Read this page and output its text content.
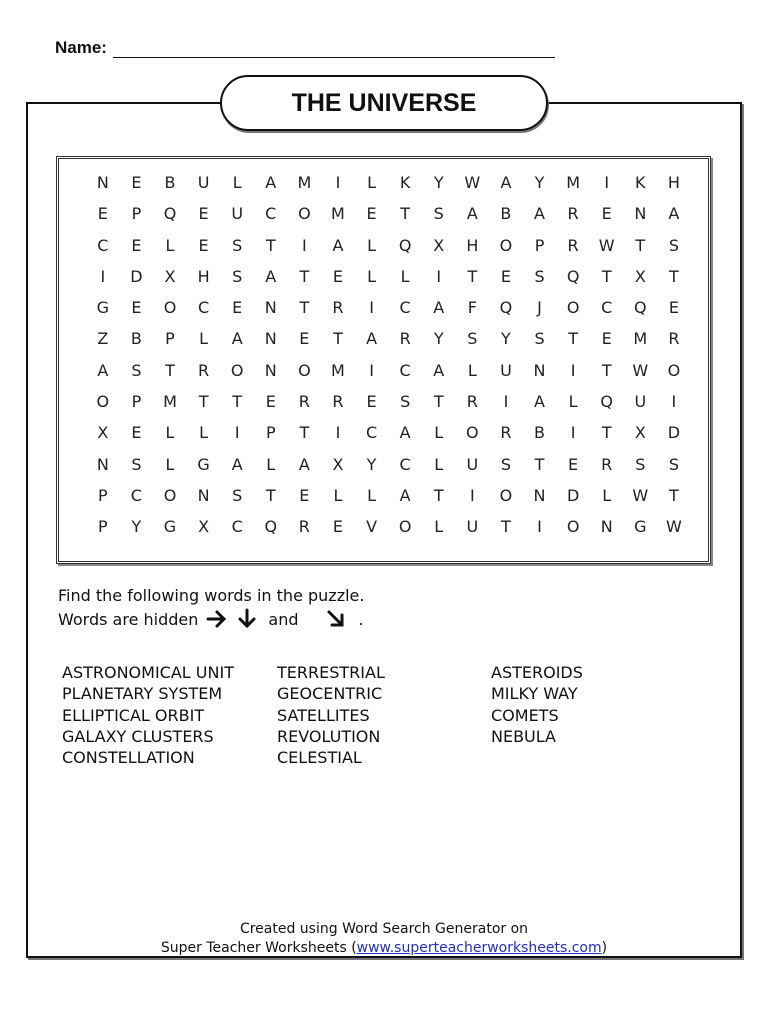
Name:
THE UNIVERSE
N	E	B	U	L	A	M	I	L	K	Y	W	A	Y	M	I	K	H
E	P	Q	E	U	C	O	M	E	T	S	A	B	A	R	E	N	A
C	E	L	E	S	T	I	A	L	Q	X	H	O	P	R	W	T	S
I	D	X	H	S	A	T	E	L	L	I	T	E	S	Q	T	X	T
G	E	O	C	E	N	T	R	I	C	A	F	Q	J	O	C	Q	E
Z	B	P	L	A	N	E	T	A	R	Y	S	Y	S	T	E	M	R
A	S	T	R	O	N	O	M	I	C	A	L	U	N	I	T	W	O
O	P	M	T	T	E	R	R	E	S	T	R	I	A	L	Q	U	I
X	E	L	L	I	P	T	I	C	A	L	O	R	B	I	T	X	D
N	S	L	G	A	L	A	X	Y	C	L	U	S	T	E	R	S	S
P	C	O	N	S	T	E	L	L	A	T	I	O	N	D	L	W	T
P	Y	G	X	C	Q	R	E	V	O	L	U	T	I	O	N	G	W
Find the following words in the puzzle.
Words are hidden	and	.
ASTRONOMICAL UNIT
PLANETARY SYSTEM
ELLIPTICAL ORBIT
GALAXY CLUSTERS
CONSTELLATION
TERRESTRIAL
GEOCENTRIC
SATELLITES
REVOLUTION
CELESTIAL
ASTEROIDS
MILKY WAY
COMETS
NEBULA
Created using Word Search Generator on
Super Teacher Worksheets (www.superteacherworksheets.com)
